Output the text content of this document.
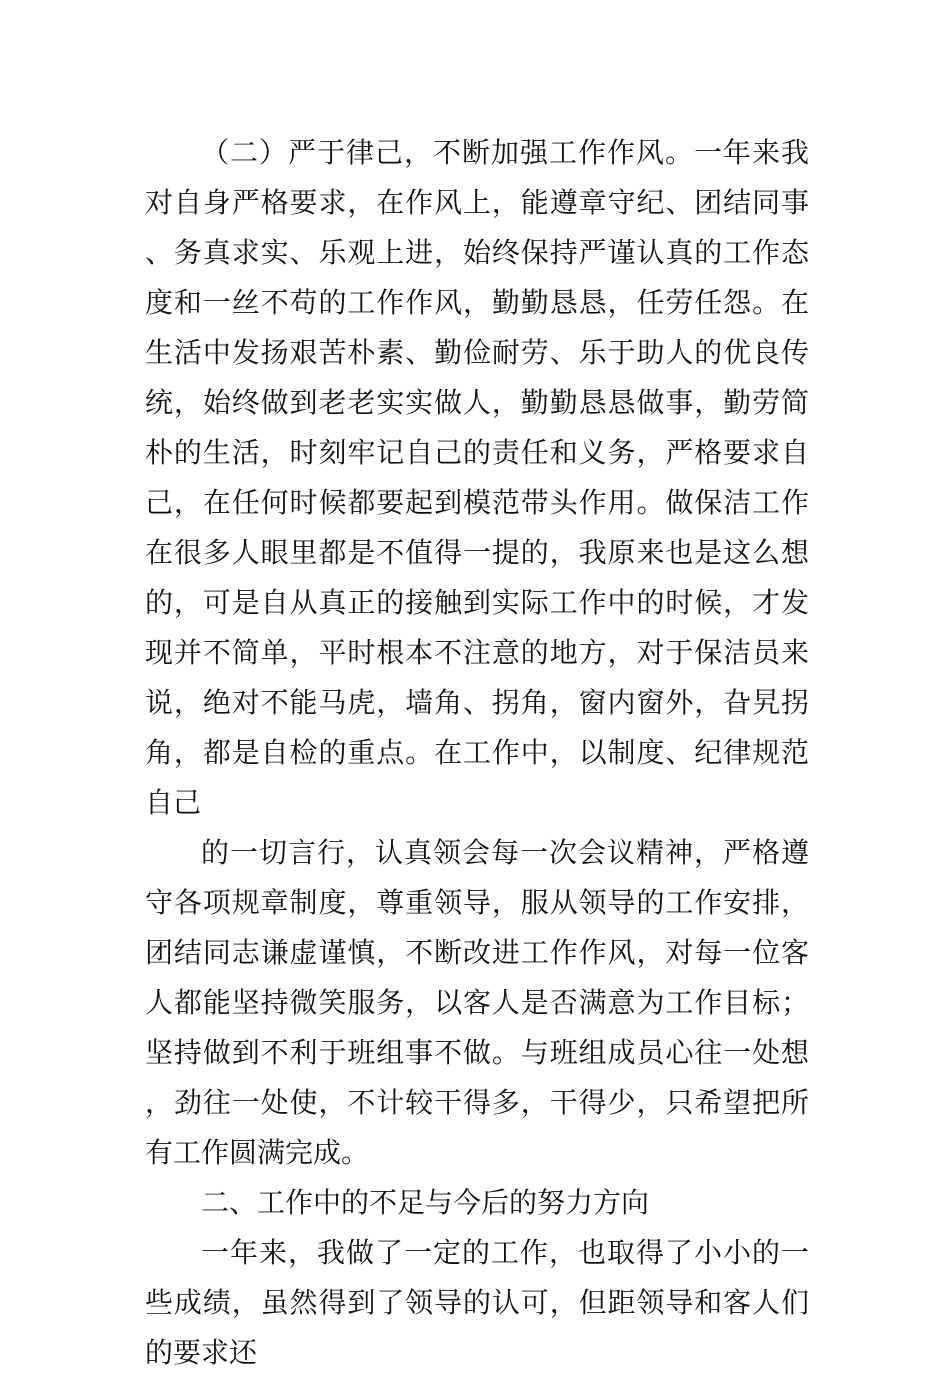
（二）严于律己，不断加强工作作风。一年来我对自身严格要求，在作风上，能遵章守纪、团结同事、务真求实、乐观上进，始终保持严谨认真的工作态度和一丝不苟的工作作风，勤勤恳恳，任劳任怨。在生活中发扬艰苦朴素、勤俭耐劳、乐于助人的优良传统，始终做到老老实实做人，勤勤恳恳做事，勤劳简朴的生活，时刻牢记自己的责任和义务，严格要求自己，在任何时候都要起到模范带头作用。做保洁工作在很多人眼里都是不值得一提的，我原来也是这么想的，可是自从真正的接触到实际工作中的时候，才发现并不简单，平时根本不注意的地方，对于保洁员来说，绝对不能马虎，墙角、拐角，窗内窗外，旮旯拐角，都是自检的重点。在工作中，以制度、纪律规范自己

的一切言行，认真领会每一次会议精神，严格遵守各项规章制度，尊重领导，服从领导的工作安排，团结同志谦虚谨慎，不断改进工作作风，对每一位客人都能坚持微笑服务，以客人是否满意为工作目标；坚持做到不利于班组事不做。与班组成员心往一处想，劲往一处使，不计较干得多，干得少，只希望把所有工作圆满完成。

二、工作中的不足与今后的努力方向

一年来，我做了一定的工作，也取得了小小的一些成绩，虽然得到了领导的认可，但距领导和客人们的要求还
